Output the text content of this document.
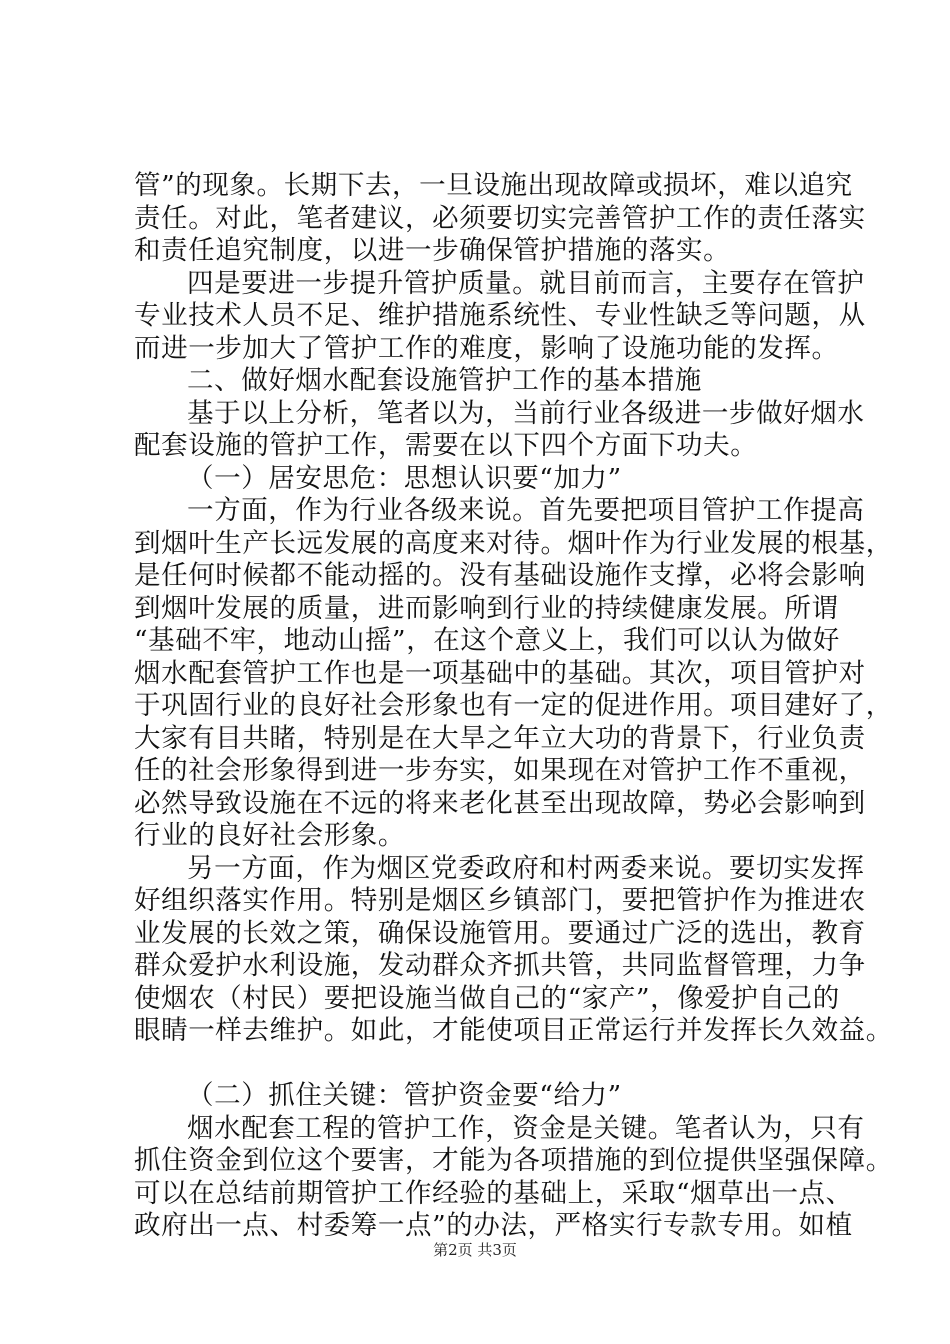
管”的现象。长期下去，一旦设施出现故障或损坏，难以追究
责任。对此，笔者建议，必须要切实完善管护工作的责任落实
和责任追究制度，以进一步确保管护措施的落实。
四是要进一步提升管护质量。就目前而言，主要存在管护
专业技术人员不足、维护措施系统性、专业性缺乏等问题，从
而进一步加大了管护工作的难度，影响了设施功能的发挥。
二、做好烟水配套设施管护工作的基本措施
基于以上分析，笔者以为，当前行业各级进一步做好烟水
配套设施的管护工作，需要在以下四个方面下功夫。
（一）居安思危：思想认识要“加力”
一方面，作为行业各级来说。首先要把项目管护工作提高
到烟叶生产长远发展的高度来对待。烟叶作为行业发展的根基，
是任何时候都不能动摇的。没有基础设施作支撑，必将会影响
到烟叶发展的质量，进而影响到行业的持续健康发展。所谓
“基础不牢，地动山摇”，在这个意义上，我们可以认为做好
烟水配套管护工作也是一项基础中的基础。其次，项目管护对
于巩固行业的良好社会形象也有一定的促进作用。项目建好了，
大家有目共睹，特别是在大旱之年立大功的背景下，行业负责
任的社会形象得到进一步夯实，如果现在对管护工作不重视，
必然导致设施在不远的将来老化甚至出现故障，势必会影响到
行业的良好社会形象。
另一方面，作为烟区党委政府和村两委来说。要切实发挥
好组织落实作用。特别是烟区乡镇部门，要把管护作为推进农
业发展的长效之策，确保设施管用。要通过广泛的选出，教育
群众爱护水利设施，发动群众齐抓共管，共同监督管理，力争
使烟农（村民）要把设施当做自己的“家产”，像爱护自己的
眼睛一样去维护。如此，才能使项目正常运行并发挥长久效益。
（二）抓住关键：管护资金要“给力”
烟水配套工程的管护工作，资金是关键。笔者认为，只有
抓住资金到位这个要害，才能为各项措施的到位提供坚强保障。
可以在总结前期管护工作经验的基础上，采取“烟草出一点、
政府出一点、村委筹一点”的办法，严格实行专款专用。如植
第2页 共3页
